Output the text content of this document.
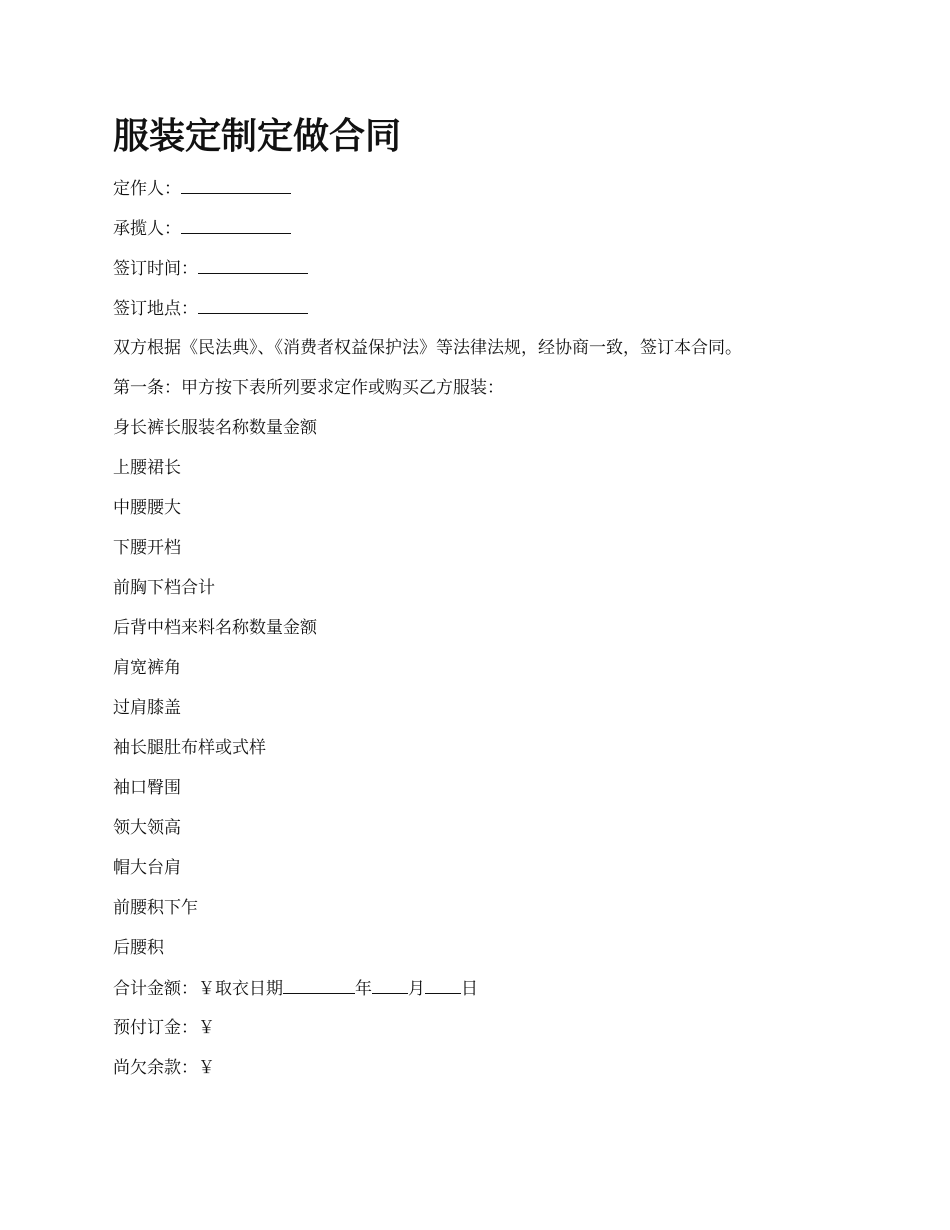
服装定制定做合同
定作人：
承揽人：
签订时间：
签订地点：
双方根据《民法典》、《消费者权益保护法》等法律法规，经协商一致，签订本合同。
第一条：甲方按下表所列要求定作或购买乙方服装：
身长裤长服装名称数量金额
上腰裙长
中腰腰大
下腰开档
前胸下档合计
后背中档来料名称数量金额
肩宽裤角
过肩膝盖
袖长腿肚布样或式样
袖口臀围
领大领高
帽大台肩
前腰积下乍
后腰积
合计金额：￥取衣日期	年 月 日
预付订金：￥
尚欠余款：￥
